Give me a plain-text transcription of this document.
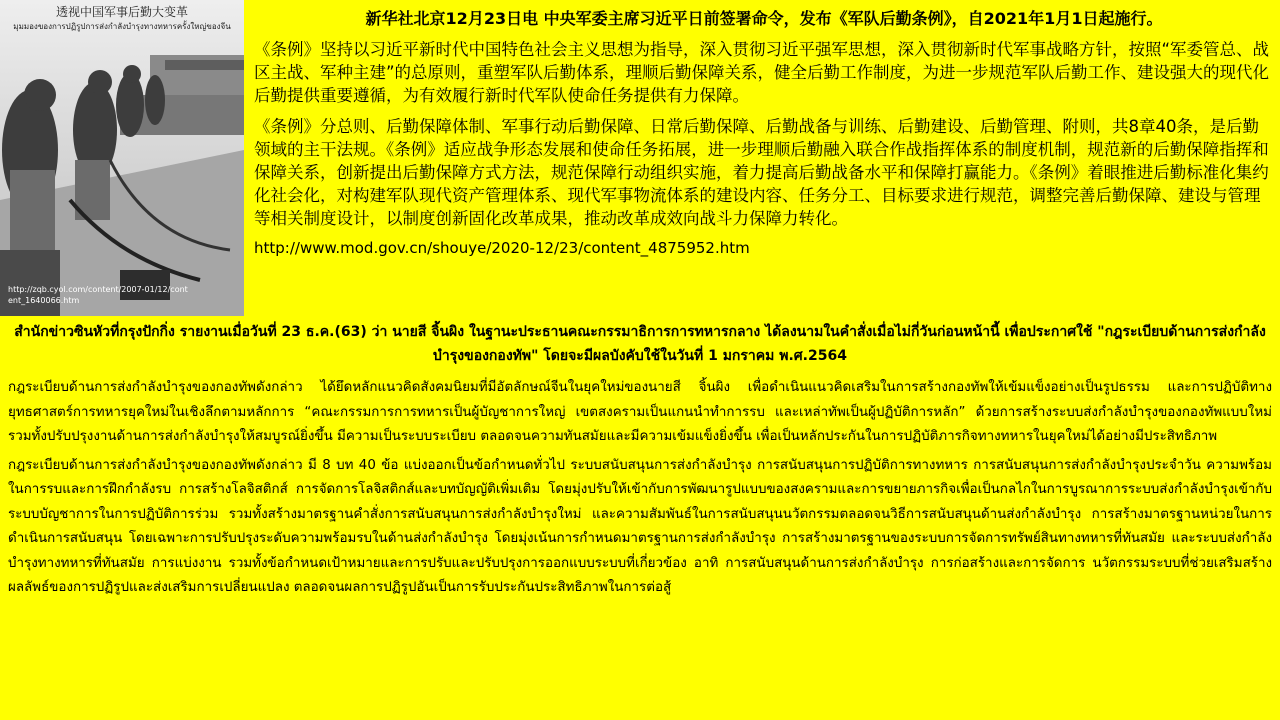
透视中国军事后勤大变革
มุมมองของการปฏิรูปการส่งกำลังบำรุงทางทหารครั้งใหญ่ของจีน
http://zqb.cyol.com/content/2007-01/12/content_1640066.htm
新华社北京12月23日电 中央军委主席习近平日前签署命令，发布《军队后勤条例》，自2021年1月1日起施行。
《条例》坚持以习近平新时代中国特色社会主义思想为指导，深入贯彻习近平强军思想，深入贯彻新时代军事战略方针，按照“军委管总、战区主战、军种主建”的总原则，重塑军队后勤体系，理顺后勤保障关系，健全后勤工作制度，为进一步规范军队后勤工作、建设强大的现代化后勤提供重要遵循，为有效履行新时代军队使命任务提供有力保障。
《条例》分总则、后勤保障体制、军事行动后勤保障、日常后勤保障、后勤战备与训练、后勤建设、后勤管理、附则，共8章40条，是后勤领域的主干法规。《条例》适应战争形态发展和使命任务拓展，进一步理顺后勤融入联合作战指挥体系的制度机制，规范新的后勤保障指挥和保障关系，创新提出后勤保障方式方法，规范保障行动组织实施，着力提高后勤战备水平和保障打赢能力。《条例》着眼推进后勤标准化集约化社会化，对构建军队现代资产管理体系、现代军事物流体系的建设内容、任务分工、目标要求进行规范，调整完善后勤保障、建设与管理等相关制度设计，以制度创新固化改革成果，推动改革成效向战斗力保障力转化。
http://www.mod.gov.cn/shouye/2020-12/23/content_4875952.htm
สำนักข่าวซินหัวที่กรุงปักกิ่ง รายงานเมื่อวันที่ 23 ธ.ค.(63) ว่า นายสี จิ้นผิง ในฐานะประธานคณะกรรมาธิการการทหารกลาง ได้ลงนามในคำสั่งเมื่อไม่กี่วันก่อนหน้านี้ เพื่อประกาศใช้ "กฎระเบียบด้านการส่งกำลังบำรุงของกองทัพ" โดยจะมีผลบังคับใช้ในวันที่ 1 มกราคม พ.ศ.2564
กฎระเบียบด้านการส่งกำลังบำรุงของกองทัพดังกล่าว ได้ยึดหลักแนวคิดสังคมนิยมที่มีอัตลักษณ์จีนในยุคใหม่ของนายสี จิ้นผิง เพื่อดำเนินแนวคิดเสริมในการสร้างกองทัพให้เข้มแข็งอย่างเป็นรูปธรรม และการปฏิบัติทางยุทธศาสตร์การทหารยุคใหม่ในเชิงลึกตามหลักการ “คณะกรรมการการทหารเป็นผู้บัญชาการใหญ่ เขตสงครามเป็นแกนนำทำการรบ และเหล่าทัพเป็นผู้ปฏิบัติการหลัก” ด้วยการสร้างระบบส่งกำลังบำรุงของกองทัพแบบใหม่ รวมทั้งปรับปรุงงานด้านการส่งกำลังบำรุงให้สมบูรณ์ยิ่งขึ้น มีความเป็นระบบระเบียบ ตลอดจนความทันสมัยและมีความเข้มแข็งยิ่งขึ้น เพื่อเป็นหลักประกันในการปฏิบัติภารกิจทางทหารในยุคใหม่ได้อย่างมีประสิทธิภาพ
กฎระเบียบด้านการส่งกำลังบำรุงของกองทัพดังกล่าว มี 8 บท 40 ข้อ แบ่งออกเป็นข้อกำหนดทั่วไป ระบบสนับสนุนการส่งกำลังบำรุง การสนับสนุนการปฏิบัติการทางทหาร การสนับสนุนการส่งกำลังบำรุงประจำวัน ความพร้อมในการรบและการฝึกกำลังรบ การสร้างโลจิสติกส์ การจัดการโลจิสติกส์และบทบัญญัติเพิ่มเติม โดยมุ่งปรับให้เข้ากับการพัฒนารูปแบบของสงครามและการขยายภารกิจเพื่อเป็นกลไกในการบูรณาการระบบส่งกำลังบำรุงเข้ากับระบบบัญชาการในการปฏิบัติการร่วม รวมทั้งสร้างมาตรฐานคำสั่งการสนับสนุนการส่งกำลังบำรุงใหม่ และความสัมพันธ์ในการสนับสนุนนวัตกรรมตลอดจนวิธีการสนับสนุนด้านส่งกำลังบำรุง การสร้างมาตรฐานหน่วยในการดำเนินการสนับสนุน โดยเฉพาะการปรับปรุงระดับความพร้อมรบในด้านส่งกำลังบำรุง โดยมุ่งเน้นการกำหนดมาตรฐานการส่งกำลังบำรุง การสร้างมาตรฐานของระบบการจัดการทรัพย์สินทางทหารที่ทันสมัย และระบบส่งกำลังบำรุงทางทหารที่ทันสมัย การแบ่งงาน รวมทั้งข้อกำหนดเป้าหมายและการปรับและปรับปรุงการออกแบบระบบที่เกี่ยวข้อง อาทิ การสนับสนุนด้านการส่งกำลังบำรุง การก่อสร้างและการจัดการ นวัตกรรมระบบที่ช่วยเสริมสร้างผลลัพธ์ของการปฏิรูปและส่งเสริมการเปลี่ยนแปลง ตลอดจนผลการปฏิรูปอันเป็นการรับประกันประสิทธิภาพในการต่อสู้
